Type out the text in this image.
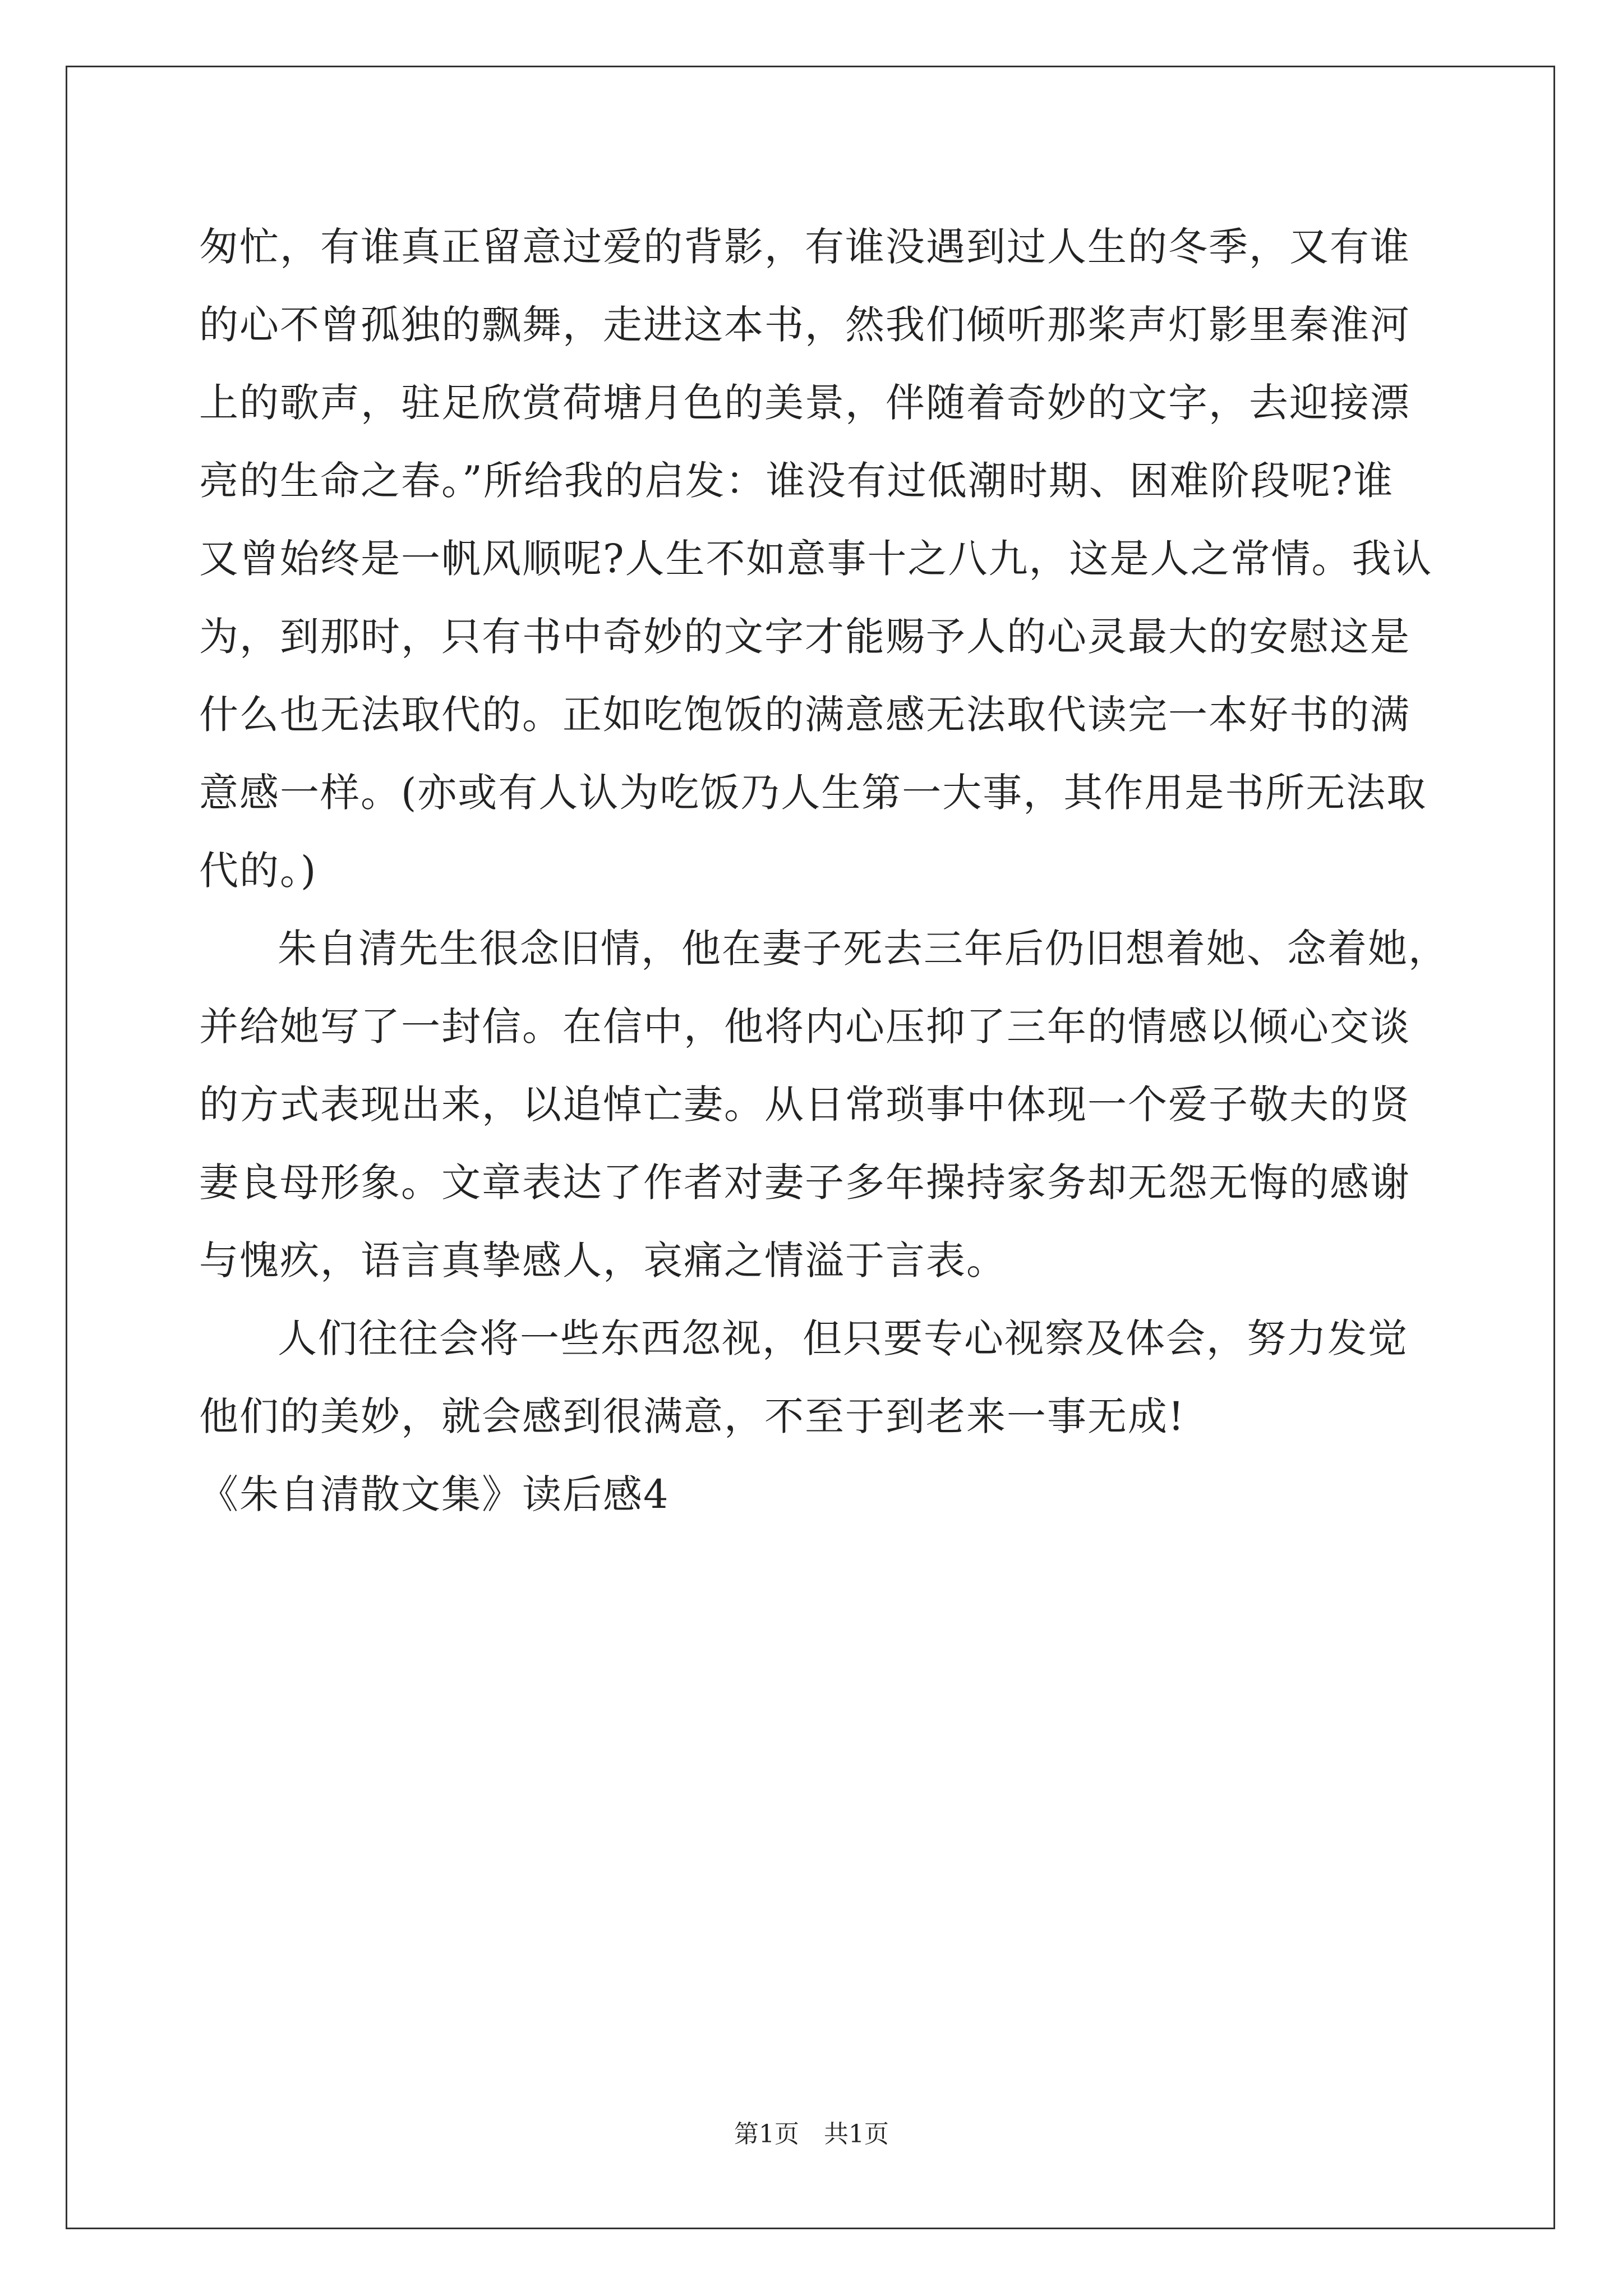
匆忙，有谁真正留意过爱的背影，有谁没遇到过人生的冬季，又有谁
的心不曾孤独的飘舞，走进这本书，然我们倾听那桨声灯影里秦淮河
上的歌声，驻足欣赏荷塘月色的美景，伴随着奇妙的文字，去迎接漂
亮的生命之春。”所给我的启发：谁没有过低潮时期、困难阶段呢?谁
又曾始终是一帆风顺呢?人生不如意事十之八九，这是人之常情。我认
为，到那时，只有书中奇妙的文字才能赐予人的心灵最大的安慰这是
什么也无法取代的。正如吃饱饭的满意感无法取代读完一本好书的满
意感一样。(亦或有人认为吃饭乃人生第一大事，其作用是书所无法取
代的。)
朱自清先生很念旧情，他在妻子死去三年后仍旧想着她、念着她，
并给她写了一封信。在信中，他将内心压抑了三年的情感以倾心交谈
的方式表现出来，以追悼亡妻。从日常琐事中体现一个爱子敬夫的贤
妻良母形象。文章表达了作者对妻子多年操持家务却无怨无悔的感谢
与愧疚，语言真挚感人，哀痛之情溢于言表。
人们往往会将一些东西忽视，但只要专心视察及体会，努力发觉
他们的美妙，就会感到很满意，不至于到老来一事无成!
《朱自清散文集》读后感4
第1页　共1页
